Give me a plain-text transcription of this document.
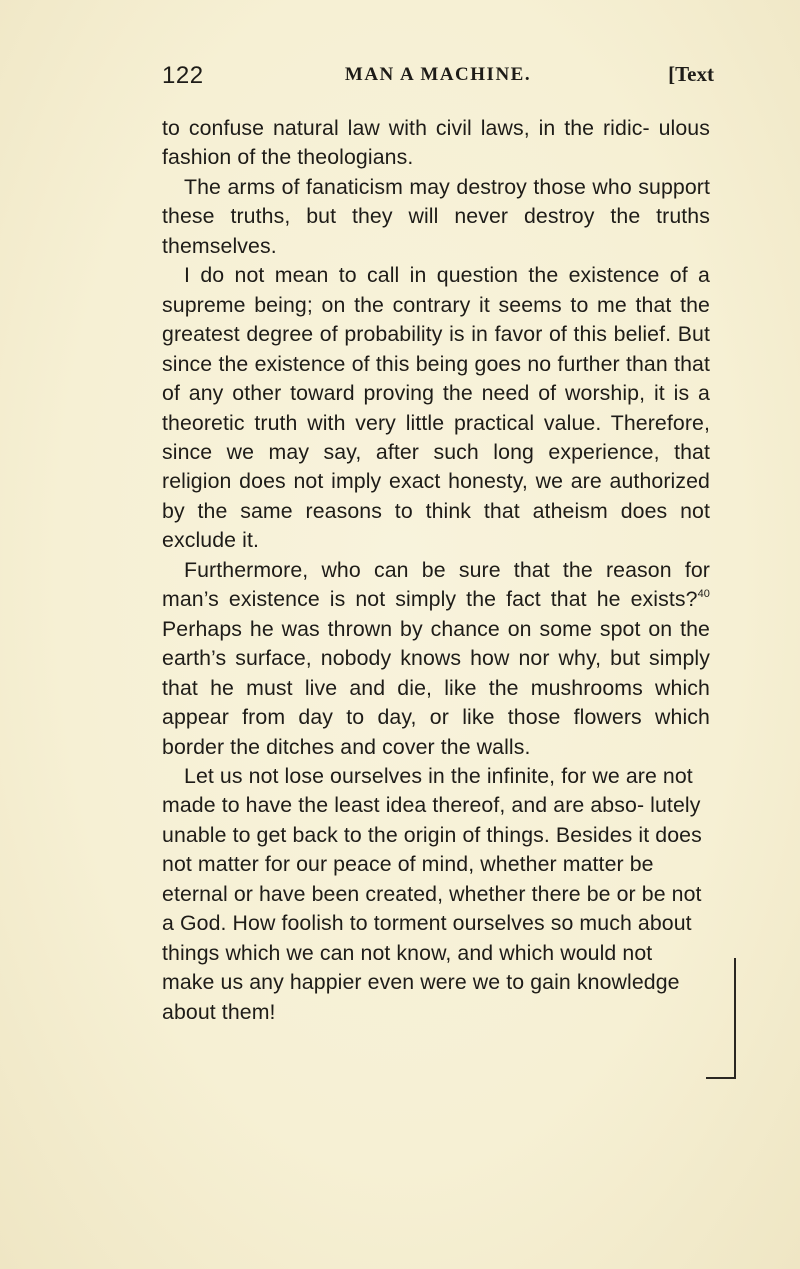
122	MAN A MACHINE.	[Text

to confuse natural law with civil laws, in the ridic- ulous fashion of the theologians.

The arms of fanaticism may destroy those who support these truths, but they will never destroy the truths themselves.

I do not mean to call in question the existence of a supreme being; on the contrary it seems to me that the greatest degree of probability is in favor of this belief. But since the existence of this being goes no further than that of any other toward proving the need of worship, it is a theoretic truth with very little practical value. Therefore, since we may say, after such long experience, that religion does not imply exact honesty, we are authorized by the same reasons to think that atheism does not exclude it.

Furthermore, who can be sure that the reason for man’s existence is not simply the fact that he exists?$^{40}$ Perhaps he was thrown by chance on some spot on the earth’s surface, nobody knows how nor why, but simply that he must live and die, like the mushrooms which appear from day to day, or like those flowers which border the ditches and cover the walls.

Let us not lose ourselves in the infinite, for we are not made to have the least idea thereof, and are abso- lutely unable to get back to the origin of things. Besides it does not matter for our peace of mind, whether matter be eternal or have been created, whether there be or be not a God. How foolish to torment ourselves so much about things which we can not know, and which would not make us any happier even were we to gain knowledge about them!
